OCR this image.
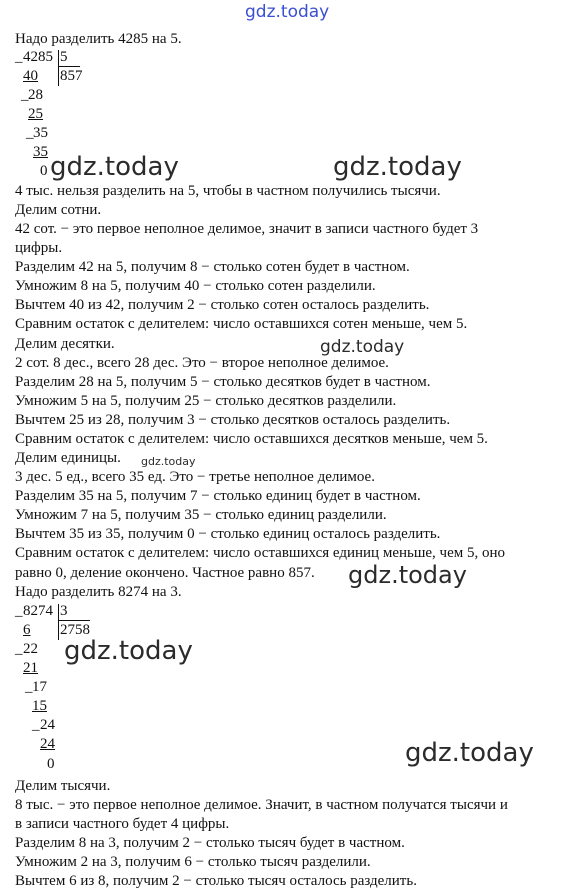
gdz.today
Надо разделить 4285 на 5.
_ 4285 5
40 857
_ 28
25
_ 35
35
0 gdz.today	gdz.today
4 тыс. нельзя разделить на 5, чтобы в частном получились тысячи.
Делим сотни.
42 сот. − это первое неполное делимое, значит в записи частного будет 3
цифры.
Разделим 42 на 5, получим 8 − столько сотен будет в частном.
Умножим 8 на 5, получим 40 − столько сотен разделили.
Вычтем 40 из 42, получим 2 − столько сотен осталось разделить.
Сравним остаток с делителем: число оставшихся сотен меньше, чем 5.
Делим десятки.
2 сот. 8 дес., всего 28 дес. Это − второе неполное делимое.
Разделим 28 на 5, получим 5 − столько десятков будет в частном.
Умножим 5 на 5, получим 25 − столько десятков разделили.
Вычтем 25 из 28, получим 3 − столько десятков осталось разделить.
Сравним остаток с делителем: число оставшихся десятков меньше, чем 5.
Делим единицы.
3 дес. 5 ед., всего 35 ед. Это − третье неполное делимое.
Разделим 35 на 5, получим 7 − столько единиц будет в частном.
Умножим 7 на 5, получим 35 − столько единиц разделили.
Вычтем 35 из 35, получим 0 − столько единиц осталось разделить.
Сравним остаток с делителем: число оставшихся единиц меньше, чем 5, оно
равно 0, деление окончено. Частное равно 857.
Надо разделить 8274 на 3.
gdz.today
gdz.today
gdz.today
_ 8274 3
6 2758
_ 22
21
_ 17
15
_ 24
24
0
gdz.today
gdz.today
Делим тысячи.
8 тыс. − это первое неполное делимое. Значит, в частном получатся тысячи и
в записи частного будет 4 цифры.
Разделим 8 на 3, получим 2 − столько тысяч будет в частном.
Умножим 2 на 3, получим 6 − столько тысяч разделили.
Вычтем 6 из 8, получим 2 − столько тысяч осталось разделить.
